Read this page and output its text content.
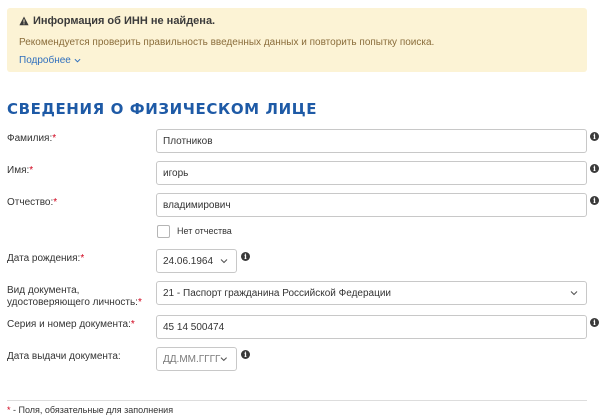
Информация об ИНН не найдена.
Рекомендуется проверить правильность введенных данных и повторить попытку поиска.
Подробнее
СВЕДЕНИЯ О ФИЗИЧЕСКОМ ЛИЦЕ
Фамилия:*	Плотников	i
Имя:*	игорь	i
Отчество:*	владимирович	i
Нет отчества
Дата рождения:*	24.06.1964	i
Вид документа,
удостоверяющего личность:*
21 - Паспорт гражданина Российской Федерации
Серия и номер документа:*	45 14 500474	i
Дата выдачи документа:	ДД.ММ.ГГГГ	i
* - Поля, обязательные для заполнения
